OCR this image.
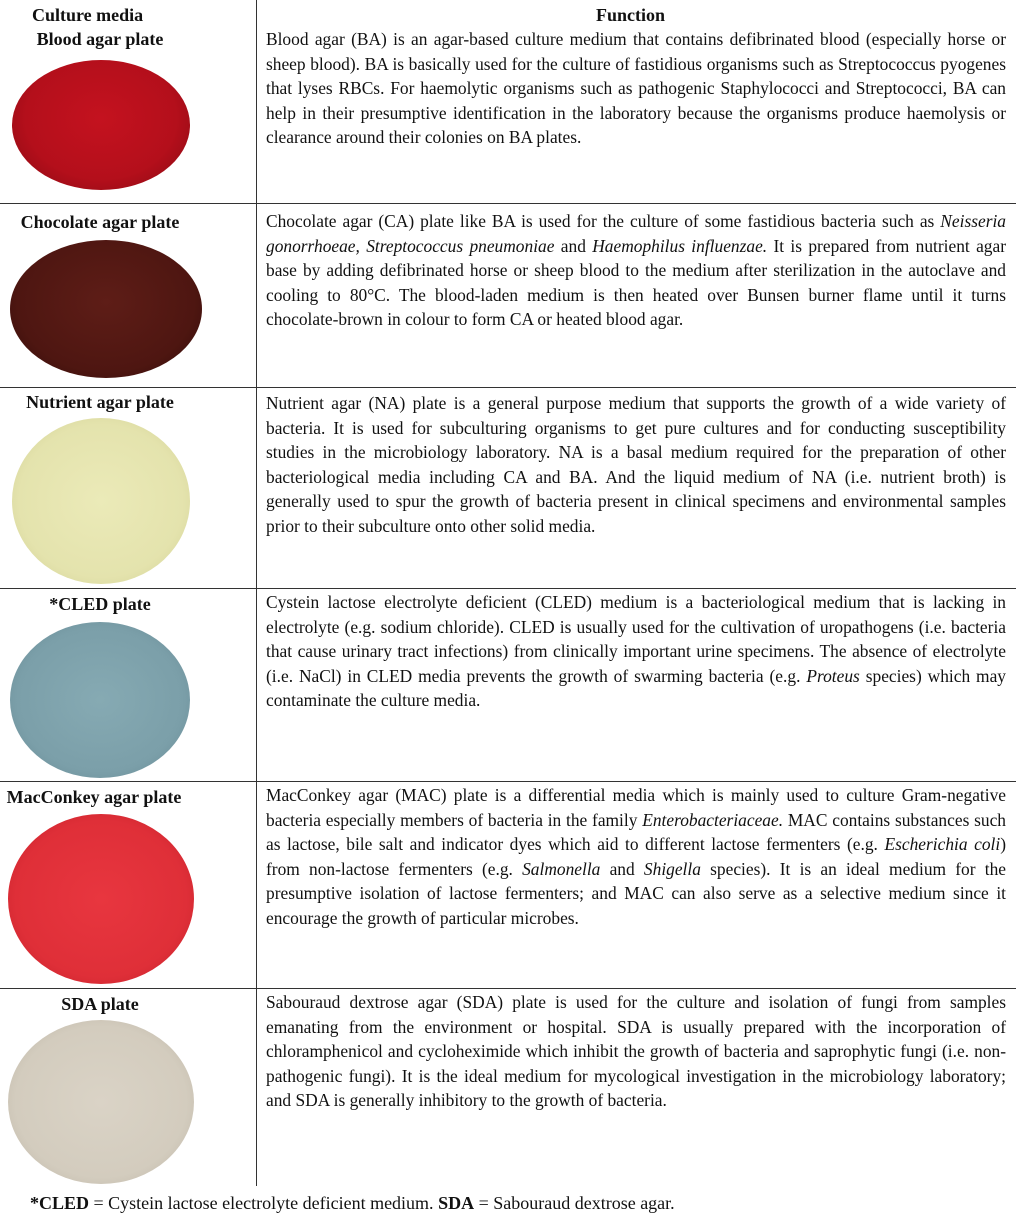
Culture media	Function
Blood agar plate	Blood agar (BA) is an agar-based culture medium that contains defibrinated blood (especially horse or sheep blood). BA is basically used for the culture of fastidious organisms such as Streptococcus pyogenes that lyses RBCs. For haemolytic organisms such as pathogenic Staphylococci and Streptococci, BA can help in their presumptive identification in the laboratory because the organisms produce haemolysis or clearance around their colonies on BA plates.
Chocolate agar plate	Chocolate agar (CA) plate like BA is used for the culture of some fastidious bacteria such as Neisseria gonorrhoeae, Streptococcus pneumoniae and Haemophilus influenzae. It is prepared from nutrient agar base by adding defibrinated horse or sheep blood to the medium after sterilization in the autoclave and cooling to 80°C. The blood-laden medium is then heated over Bunsen burner flame until it turns chocolate-brown in colour to form CA or heated blood agar.
Nutrient agar plate	Nutrient agar (NA) plate is a general purpose medium that supports the growth of a wide variety of bacteria. It is used for subculturing organisms to get pure cultures and for conducting susceptibility studies in the microbiology laboratory. NA is a basal medium required for the preparation of other bacteriological media including CA and BA. And the liquid medium of NA (i.e. nutrient broth) is generally used to spur the growth of bacteria present in clinical specimens and environmental samples prior to their subculture onto other solid media.
*CLED plate	Cystein lactose electrolyte deficient (CLED) medium is a bacteriological medium that is lacking in electrolyte (e.g. sodium chloride). CLED is usually used for the cultivation of uropathogens (i.e. bacteria that cause urinary tract infections) from clinically important urine specimens. The absence of electrolyte (i.e. NaCl) in CLED media prevents the growth of swarming bacteria (e.g. Proteus species) which may contaminate the culture media.
MacConkey agar plate	MacConkey agar (MAC) plate is a differential media which is mainly used to culture Gram-negative bacteria especially members of bacteria in the family Enterobacteriaceae. MAC contains substances such as lactose, bile salt and indicator dyes which aid to different lactose fermenters (e.g. Escherichia coli) from non-lactose fermenters (e.g. Salmonella and Shigella species). It is an ideal medium for the presumptive isolation of lactose fermenters; and MAC can also serve as a selective medium since it encourage the growth of particular microbes.
SDA plate	Sabouraud dextrose agar (SDA) plate is used for the culture and isolation of fungi from samples emanating from the environment or hospital. SDA is usually prepared with the incorporation of chloramphenicol and cycloheximide which inhibit the growth of bacteria and saprophytic fungi (i.e. non-pathogenic fungi). It is the ideal medium for mycological investigation in the microbiology laboratory; and SDA is generally inhibitory to the growth of bacteria.
*CLED = Cystein lactose electrolyte deficient medium. SDA = Sabouraud dextrose agar.
